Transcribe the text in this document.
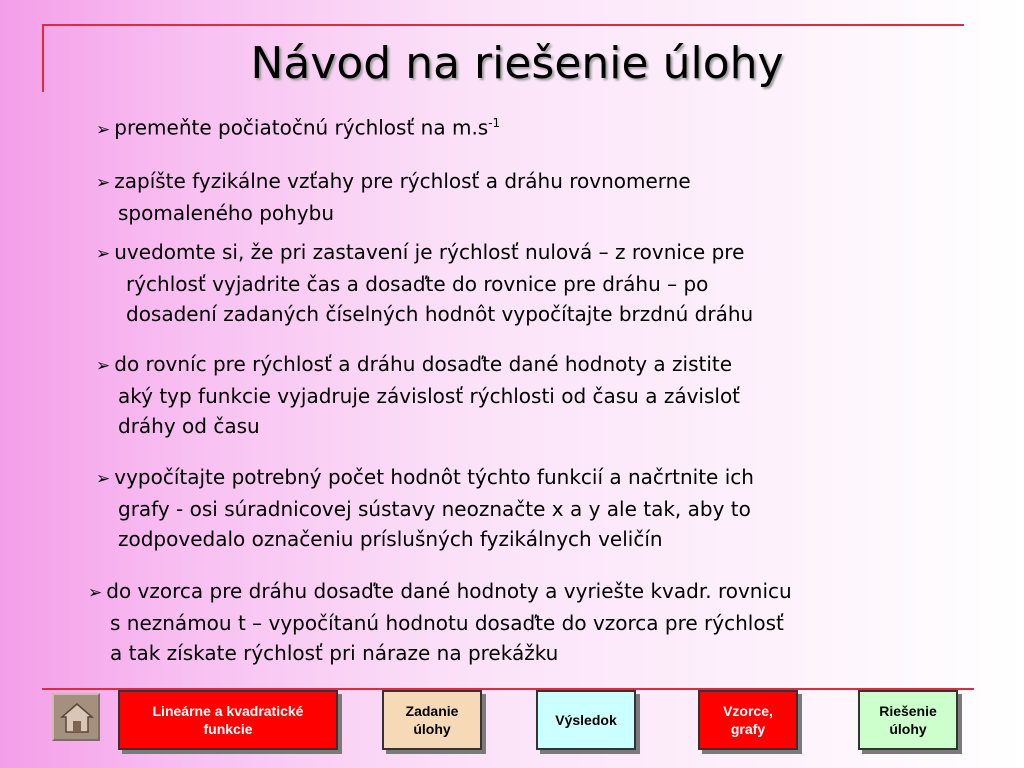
Návod na riešenie úlohy
➢ premeňte počiatočnú rýchlosť na $m.s^{-1}$
➢ zapíšte fyzikálne vzťahy pre rýchlosť a dráhu rovnomerne
spomaleného pohybu
➢ uvedomte si, že pri zastavení je rýchlosť nulová – z rovnice pre
rýchlosť vyjadrite čas a dosaďte do rovnice pre dráhu – po
dosadení zadaných číselných hodnôt vypočítajte brzdnú dráhu
➢ do rovníc pre rýchlosť a dráhu dosaďte dané hodnoty a zistite
aký typ funkcie vyjadruje závislosť rýchlosti od času a závisloť
dráhy od času
➢ vypočítajte potrebný počet hodnôt týchto funkcií a načrtnite ich
grafy - osi súradnicovej sústavy neoznačte x a y ale tak, aby to
zodpovedalo označeniu príslušných fyzikálnych veličín
➢ do vzorca pre dráhu dosaďte dané hodnoty a vyriešte kvadr. rovnicu
s neznámou t – vypočítanú hodnotu dosaďte do vzorca pre rýchlosť
a tak získate rýchlosť pri náraze na prekážku
Lineárne a kvadratické
funkcie
Zadanie
úlohy
Výsledok
Vzorce,
grafy
Riešenie
úlohy
